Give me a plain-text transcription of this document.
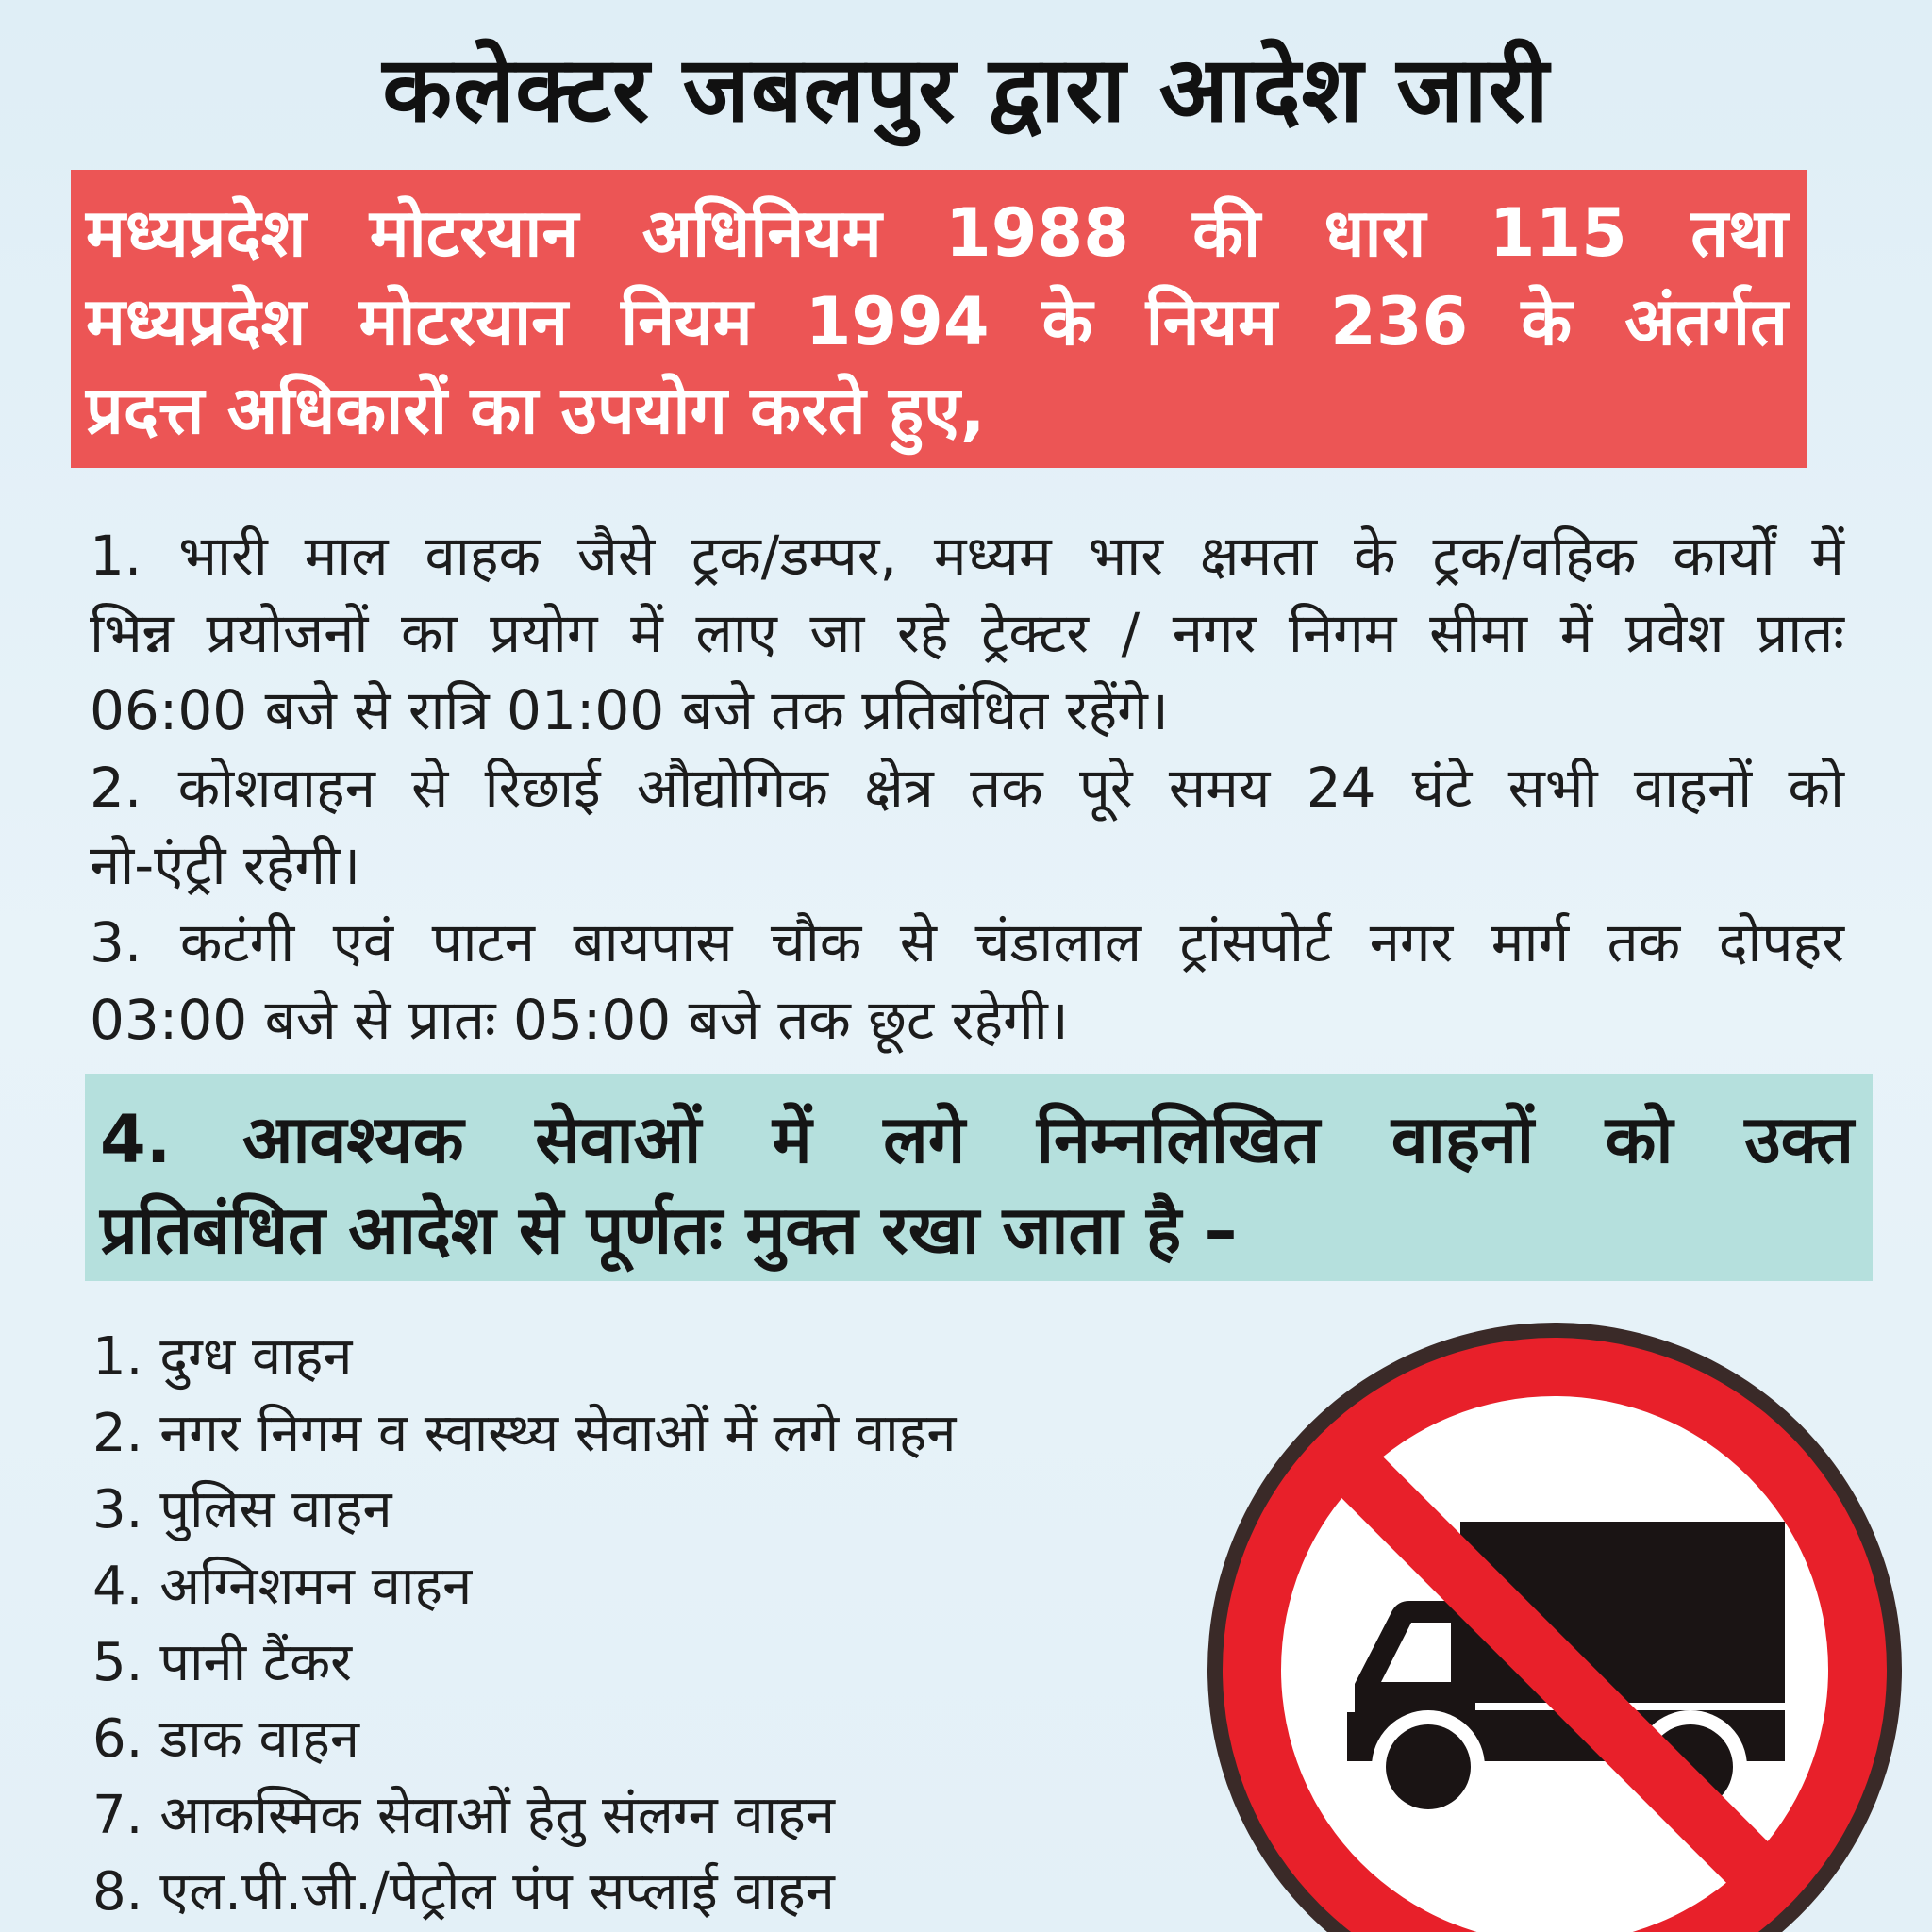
कलेक्टर जबलपुर द्वारा आदेश जारी
मध्यप्रदेश मोटरयान अधिनियम 1988 की धारा 115 तथा
मध्यप्रदेश मोटरयान नियम 1994 के नियम 236 के अंतर्गत
प्रदत्त अधिकारों का उपयोग करते हुए,
1. भारी माल वाहक जैसे ट्रक/डम्पर, मध्यम भार क्षमता के ट्रक/वहिक कार्यों में
भिन्न प्रयोजनों का प्रयोग में लाए जा रहे ट्रेक्टर / नगर निगम सीमा में प्रवेश प्रातः
06:00 बजे से रात्रि 01:00 बजे तक प्रतिबंधित रहेंगे।
2. कोशवाहन से रिछाई औद्योगिक क्षेत्र तक पूरे समय 24 घंटे सभी वाहनों को
नो-एंट्री रहेगी।
3. कटंगी एवं पाटन बायपास चौक से चंडालाल ट्रांसपोर्ट नगर मार्ग तक दोपहर
03:00 बजे से प्रातः 05:00 बजे तक छूट रहेगी।
4. आवश्यक सेवाओं में लगे निम्नलिखित वाहनों को उक्त
प्रतिबंधित आदेश से पूर्णतः मुक्त रखा जाता है –
1. दुग्ध वाहन
2. नगर निगम व स्वास्थ्य सेवाओं में लगे वाहन
3. पुलिस वाहन
4. अग्निशमन वाहन
5. पानी टैंकर
6. डाक वाहन
7. आकस्मिक सेवाओं हेतु संलग्न वाहन
8. एल.पी.जी./पेट्रोल पंप सप्लाई वाहन
